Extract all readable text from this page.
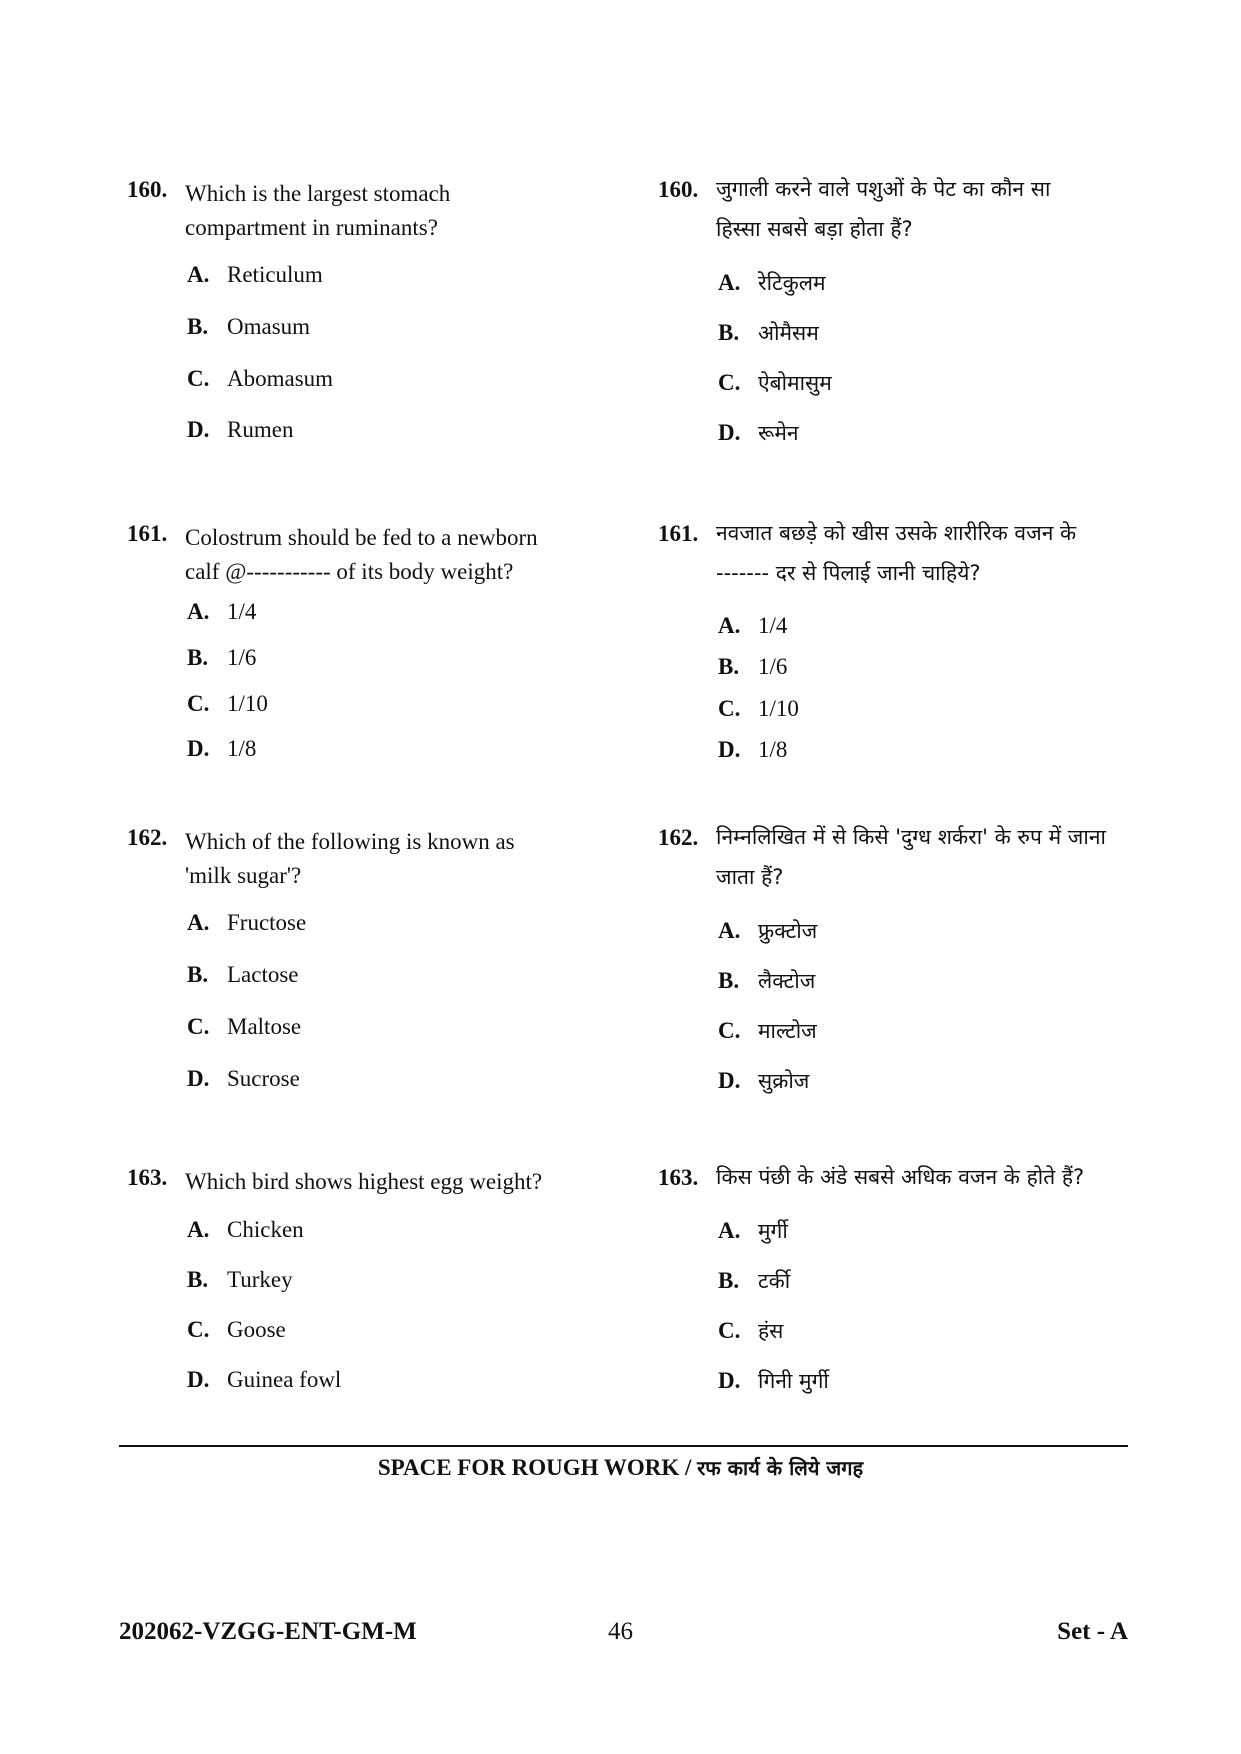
160. Which is the largest stomach
compartment in ruminants?
A. Reticulum
B. Omasum
C. Abomasum
D. Rumen
161. Colostrum should be fed to a newborn
calf @----------- of its body weight?
A. 1/4
B. 1/6
C. 1/10
D. 1/8
162. Which of the following is known as
'milk sugar'?
A. Fructose
B. Lactose
C. Maltose
D. Sucrose
163. Which bird shows highest egg weight?
A. Chicken
B. Turkey
C. Goose
D. Guinea fowl
160. जुगाली करने वाले पशुओं के पेट का कौन सा
हिस्सा सबसे बड़ा होता हैं?
A. रेटिकुलम
B. ओमैसम
C. ऐबोमासुम
D. रूमेन
161. नवजात बछड़े को खीस उसके शारीरिक वजन के
------- दर से पिलाई जानी चाहिये?
A. 1/4
B. 1/6
C. 1/10
D. 1/8
162. निम्नलिखित में से किसे 'दुग्ध शर्करा' के रुप में जाना
जाता हैं?
A. फ्रुक्टोज
B. लैक्टोज
C. माल्टोज
D. सुक्रोज
163. किस पंछी के अंडे सबसे अधिक वजन के होते हैं?
A. मुर्गी
B. टर्की
C. हंस
D. गिनी मुर्गी
SPACE FOR ROUGH WORK / रफ कार्य के लिये जगह
202062-VZGG-ENT-GM-M	46	Set - A
